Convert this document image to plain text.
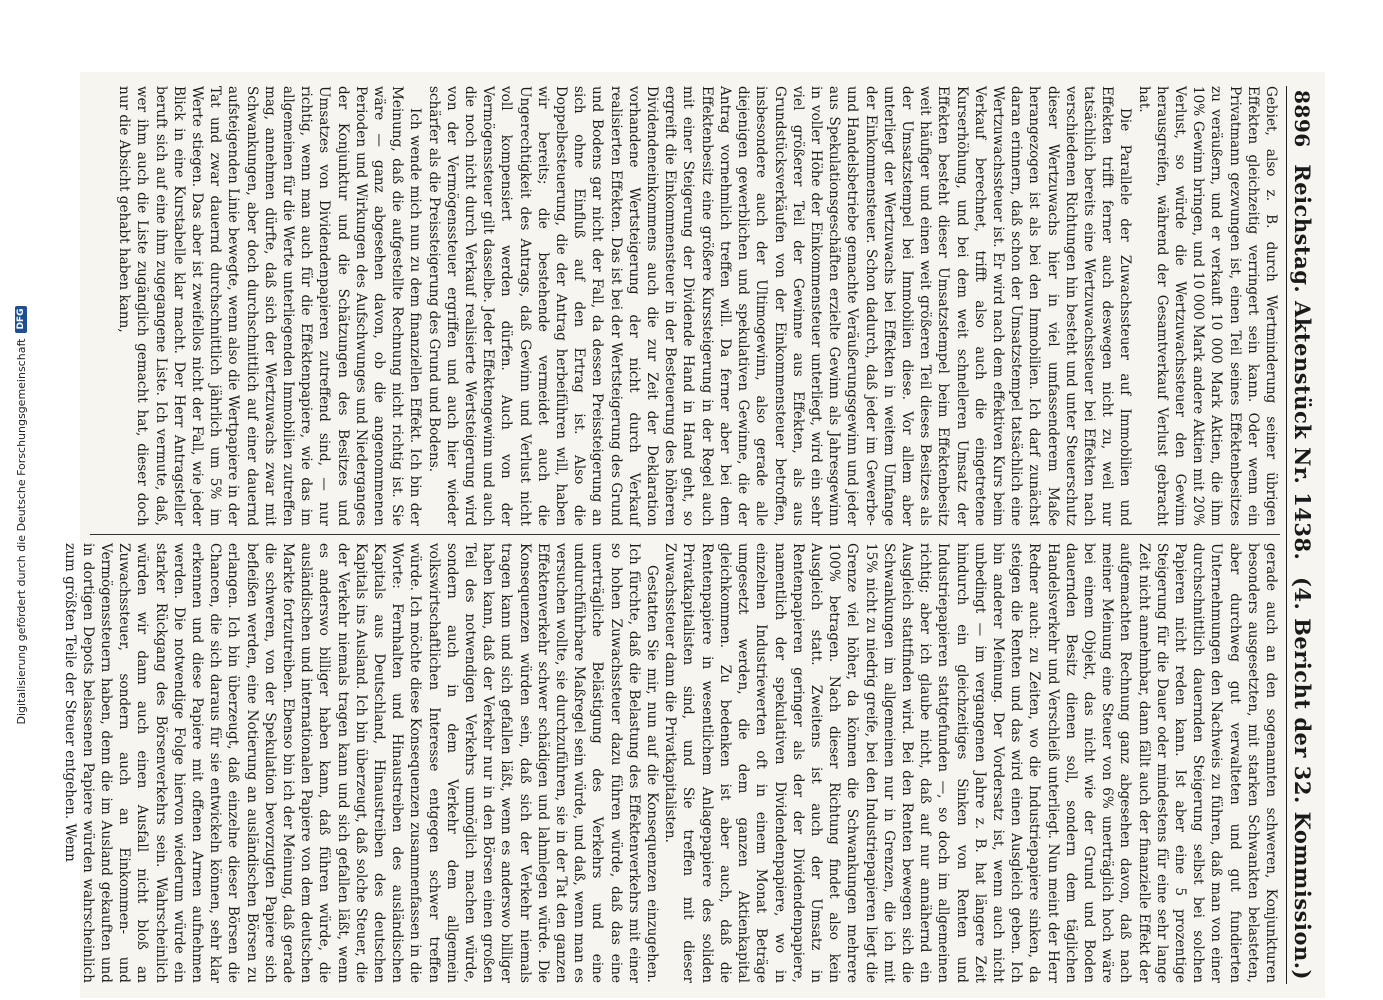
8896
Reichstag. Aktenstück Nr. 1438.
(4. Bericht der 32. Kommission.)

Gebiet, also z. B. durch Wertminderung seiner übrigen Effekten gleichzeitig verringert sein kann. Oder wenn ein Privatmann gezwungen ist, einen Teil seines Effektenbesitzes zu veräußern, und er verkauft 10 000 Mark Aktien, die ihm 10% Gewinn bringen, und 10 000 Mark andere Aktien mit 20% Verlust, so würde die Wertzuwachssteuer den Gewinn herausgreifen, während der Gesamtverkauf Verlust gebracht hat.

Die Parallele der Zuwachssteuer auf Immobilien und Effekten trifft ferner auch deswegen nicht zu, weil nur tatsächlich bereits eine Wertzuwachssteuer bei Effekten nach verschiedenen Richtungen hin besteht und unter Steuerschutz dieser Wertzuwachs hier in viel umfassenderem Maße herangezogen ist als bei den Immobilien. Ich darf zunächst daran erinnern, daß schon der Umsatzstempel tatsächlich eine Wertzuwachssteuer ist. Er wird nach dem effektiven Kurs beim Verkauf berechnet, trifft also auch die eingetretene Kurserhöhung, und bei dem weit schnelleren Umsatz der Effekten besteht dieser Umsatzstempel beim Effektenbesitz weit häufiger und einen weit größeren Teil dieses Besitzes als der Umsatzstempel bei Immobilien diese. Vor allem aber unterliegt der Wertzuwachs bei Effekten in weitem Umfange der Einkommensteuer. Schon dadurch, daß jeder im Gewerbe- und Handelsbetriebe gemachte Veräußerungsgewinn und jeder aus Spekulationsgeschäften erzielte Gewinn als Jahresgewinn in voller Höhe der Einkommensteuer unterliegt, wird ein sehr viel größerer Teil der Gewinne aus Effekten, als aus Grundstücksverkäufen von der Einkommensteuer betroffen, insbesondere auch der Ultimogewinn, also gerade alle diejenigen gewerblichen und spekulativen Gewinne, die der Antrag vornehmlich treffen will. Da ferner aber bei dem Effektenbesitz eine größere Kurssteigerung in der Regel auch mit einer Steigerung der Dividende Hand in Hand geht, so ergreift die Einkommensteuer in der Besteuerung des höheren Dividendeneinkommens auch die zur Zeit der Deklaration vorhandene Wertsteigerung der nicht durch Verkauf realisierten Effekten. Das ist bei der Wertsteigerung des Grund und Bodens gar nicht der Fall, da dessen Preissteigerung an sich ohne Einfluß auf den Ertrag ist. Also die Doppelbesteuerung, die der Antrag herbeiführen will, haben wir bereits; die bestehende vermeidet auch die Ungerechtigkeit des Antrags, daß Gewinn und Verlust nicht voll kompensiert werden dürfen. Auch von der Vermögenssteuer gilt dasselbe. Jeder Effektengewinn und auch die noch nicht durch Verkauf realisierte Wertsteigerung wird von der Vermögenssteuer ergriffen und auch hier wieder schärfer als die Preissteigerung des Grund und Bodens.

Ich wende mich nun zu dem finanziellen Effekt. Ich bin der Meinung, daß die aufgestellte Rechnung nicht richtig ist. Sie wäre — ganz abgesehen davon, ob die angenommenen Perioden und Wirkungen des Aufschwunges und Niederganges der Konjunktur und die Schätzungen des Besitzes und Umsatzes von Dividendenpapieren zutreffend sind, — nur richtig, wenn man auch für die Effektenpapiere, wie das im allgemeinen für die Werte unterliegenden Immobilien zutreffen mag, annehmen dürfte, daß sich der Wertzuwachs zwar mit Schwankungen, aber doch durchschnittlich auf einer dauernd aufsteigenden Linie bewegte, wenn also die Wertpapiere in der Tat und zwar dauernd durchschnittlich jährlich um 5% im Werte stiegen. Das aber ist zweifellos nicht der Fall, wie jeder Blick in eine Kurstabelle klar macht. Der Herr Antragsteller beruft sich auf eine ihm zugegangene Liste. Ich vermute, daß, wer ihm auch die Liste zugänglich gemacht hat, dieser doch nur die Absicht gehabt haben kann,

gerade auch an den sogenannten schweren, Konjunkturen besonders ausgesetzten, mit starken Schwankten belasteten, aber durchweg gut verwalteten und gut fundierten Unternehmungen den Nachweis zu führen, daß man von einer durchschnittlich dauernden Steigerung selbst bei solchen Papieren nicht reden kann. Ist aber eine 5 prozentige Steigerung für die Dauer oder mindestens für eine sehr lange Zeit nicht annehmbar, dann fällt auch der finanzielle Effekt der aufgemachten Rechnung ganz abgesehen davon, daß nach meiner Meinung eine Steuer von 6% unerträglich hoch wäre bei einem Objekt, das nicht wie der Grund und Boden dauernden Besitz dienen soll, sondern dem täglichen Handelsverkehr und Verschleiß unterliegt. Nun meint der Herr Redner auch: zu Zeiten, wo die Industriepapiere sinken, da steigen die Renten und das wird einen Ausgleich geben. Ich bin anderer Meinung. Der Vordersatz ist, wenn auch nicht unbedingt — im vergangenen Jahre z. B. hat längere Zeit hindurch ein gleichzeitiges Sinken von Renten und Industriepapieren stattgefunden —, so doch im allgemeinen richtig; aber ich glaube nicht, daß auf nur annähernd ein Ausgleich stattfinden wird. Bei den Renten bewegen sich die Schwankungen im allgemeinen nur in Grenzen, die ich mit 15% nicht zu niedrig greife, bei den Industriepapieren liegt die Grenze viel höher, da können die Schwankungen mehrere 100% betragen. Nach dieser Richtung findet also kein Ausgleich statt. Zweitens ist auch der Umsatz in Rentenpapieren geringer als der der Dividendenpapiere, namentlich der spekulativen Dividendenpapiere, wo in einzelnen Industriewerten oft in einem Monat Beträge umgesetzt werden, die dem ganzen Aktienkapital gleichkommen. Zu bedenken ist aber auch, daß die Rentenpapiere in wesentlichem Anlagepapiere des soliden Privatkapitalisten sind, und Sie treffen mit dieser Zuwachssteuer dann die Privatkapitalisten.

Gestatten Sie mir, nun auf die Konsequenzen einzugehen. Ich fürchte, daß die Belastung des Effektenverkehrs mit einer so hohen Zuwachssteuer dazu führen würde, daß das eine unerträgliche Belästigung des Verkehrs und eine undurchführbare Maßregel sein würde, und daß, wenn man es versuchen wollte, sie durchzuführen, sie in der Tat den ganzen Effektenverkehr schwer schädigen und lahmlegen würde. Die Konsequenzen würden sein, daß sich der Verkehr niemals tragen kann und sich gefallen läßt, wenn es anderswo billiger haben kann, daß der Verkehr nur in den Börsen einen großen Teil des notwendigen Verkehrs unmöglich machen würde, sondern auch in dem Verkehr dem allgemein volkswirtschaftlichen Interesse entgegen schwer treffen würde. Ich möchte diese Konsequenzen zusammenfassen in die Worte: Fernhalten und Hinaustreiben des ausländischen Kapitals aus Deutschland, Hinaustreiben des deutschen Kapitals ins Ausland. Ich bin überzeugt, daß solche Steuer, die der Verkehr niemals tragen kann und sich gefallen läßt, wenn es anderswo billiger haben kann, daß führen würde, die ausländischen und internationalen Papiere von dem deutschen Markte fortzutreiben. Ebenso bin ich der Meinung, daß gerade die schweren, von der Spekulation bevorzugten Papiere sich befleißen werden, eine Notierung an ausländischen Börsen zu erlangen. Ich bin überzeugt, daß einzelne dieser Börsen die Chancen, die sich daraus für sie entwickeln können, sehr klar erkennen und diese Papiere mit offenen Armen aufnehmen werden. Die notwendige Folge hiervon wiederum würde ein starker Rückgang des Börsenverkehrs sein. Wahrscheinlich würden wir dann auch einen Ausfall nicht bloß an Zuwachssteuer, sondern auch an Einkommen- und Vermögenssteuern haben, denn die im Ausland gekauften und in dortigen Depots belassenen Papiere würden wahrscheinlich zum größten Teile der Steuer entgehen. Wenn

Digitalisierung gefördert durch die Deutsche Forschungsgemeinschaft
DFG
